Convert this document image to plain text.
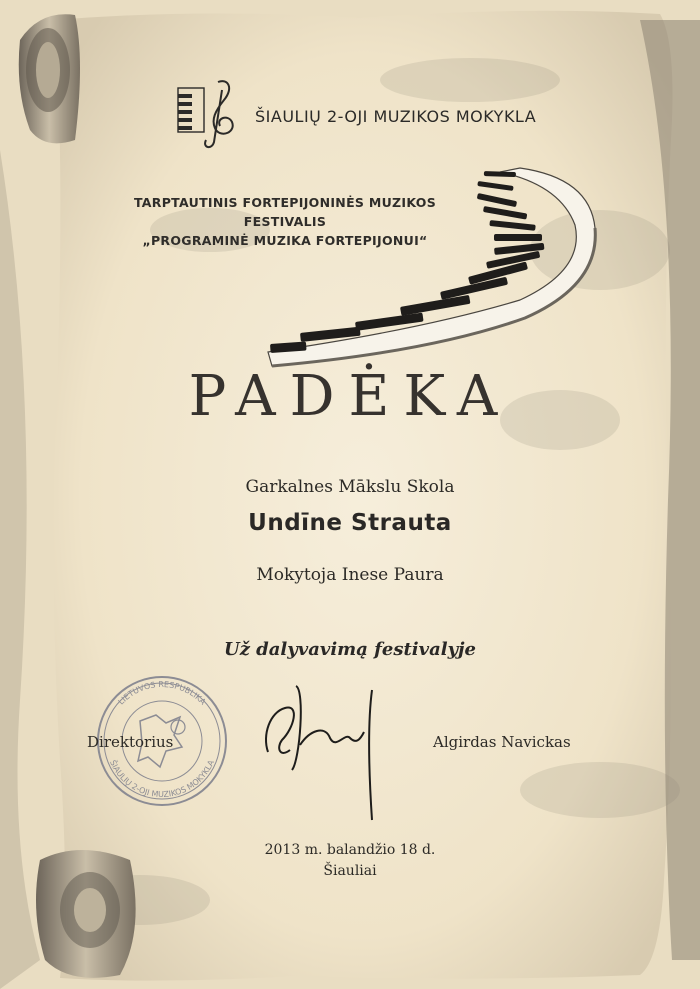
LIETUVOS RESPUBLIKA
ŠIAULIŲ 2-OJI MUZIKOS MOKYKLA
ŠIAULIŲ 2-OJI MUZIKOS MOKYKLA
TARPTAUTINIS FORTEPIJONINĖS MUZIKOS
FESTIVALIS
„PROGRAMINĖ MUZIKA FORTEPIJONUI“
PADĖKA
Garkalnes Mākslu Skola
Undīne Strauta
Mokytoja Inese Paura
Už dalyvavimą festivalyje
Direktorius	Algirdas Navickas
2013 m. balandžio 18 d.
Šiauliai
